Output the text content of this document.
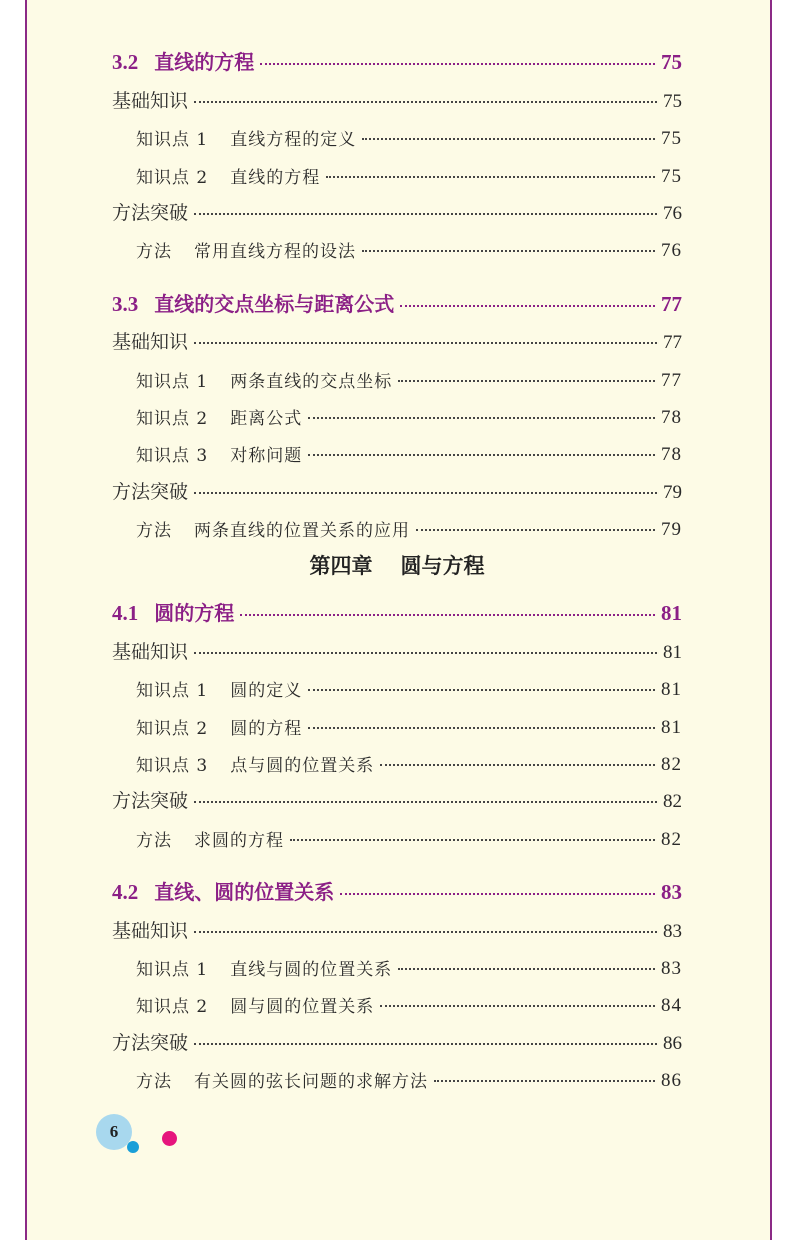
3.2 直线的方程	75
基础知识	75
知识点 1 直线方程的定义	75
知识点 2 直线的方程	75
方法突破	76
方法 常用直线方程的设法	76
3.3 直线的交点坐标与距离公式	77
基础知识	77
知识点 1 两条直线的交点坐标	77
知识点 2 距离公式	78
知识点 3 对称问题	78
方法突破	79
方法 两条直线的位置关系的应用	79
第四章 圆与方程
4.1 圆的方程	81
基础知识	81
知识点 1 圆的定义	81
知识点 2 圆的方程	81
知识点 3 点与圆的位置关系	82
方法突破	82
方法 求圆的方程	82
4.2 直线、圆的位置关系	83
基础知识	83
知识点 1 直线与圆的位置关系	83
知识点 2 圆与圆的位置关系	84
方法突破	86
方法 有关圆的弦长问题的求解方法	86
6
